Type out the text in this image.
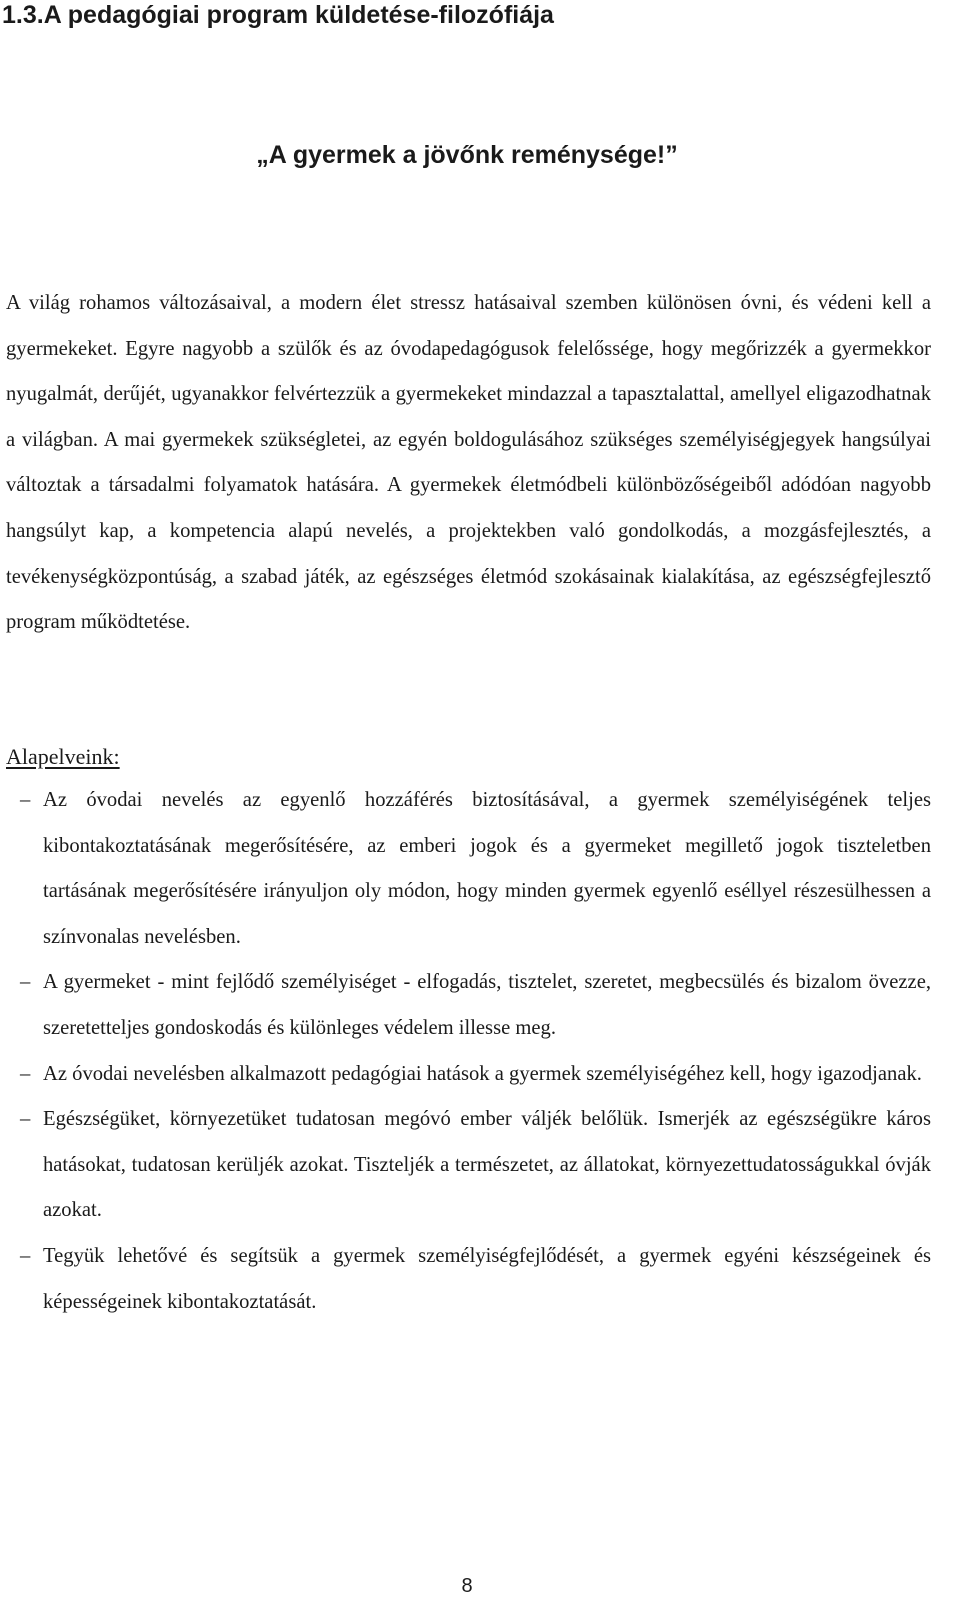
1.3.A pedagógiai program küldetése-filozófiája
„A gyermek a jövőnk reménysége!”

A világ rohamos változásaival, a modern élet stressz hatásaival szemben különösen óvni, és védeni kell a gyermekeket. Egyre nagyobb a szülők és az óvodapedagógusok felelőssége, hogy megőrizzék a gyermekkor nyugalmát, derűjét, ugyanakkor felvértezzük a gyermekeket mindazzal a tapasztalattal, amellyel eligazodhatnak a világban. A mai gyermekek szükségletei, az egyén boldogulásához szükséges személyiségjegyek hangsúlyai változtak a társadalmi folyamatok hatására. A gyermekek életmódbeli különbözőségeiből adódóan nagyobb hangsúlyt kap, a kompetencia alapú nevelés, a projektekben való gondolkodás, a mozgásfejlesztés, a tevékenységközpontúság, a szabad játék, az egészséges életmód szokásainak kialakítása, az egészségfejlesztő program működtetése.

Alapelveink:
– Az óvodai nevelés az egyenlő hozzáférés biztosításával, a gyermek személyiségének teljes kibontakoztatásának megerősítésére, az emberi jogok és a gyermeket megillető jogok tiszteletben tartásának megerősítésére irányuljon oly módon, hogy minden gyermek egyenlő eséllyel részesülhessen a színvonalas nevelésben.
– A gyermeket - mint fejlődő személyiséget - elfogadás, tisztelet, szeretet, megbecsülés és bizalom övezze, szeretetteljes gondoskodás és különleges védelem illesse meg.
– Az óvodai nevelésben alkalmazott pedagógiai hatások a gyermek személyiségéhez kell, hogy igazodjanak.
– Egészségüket, környezetüket tudatosan megóvó ember váljék belőlük. Ismerjék az egészségükre káros hatásokat, tudatosan kerüljék azokat. Tiszteljék a természetet, az állatokat, környezettudatosságukkal óvják azokat.
– Tegyük lehetővé és segítsük a gyermek személyiségfejlődését, a gyermek egyéni készségeinek és képességeinek kibontakoztatását.
8
